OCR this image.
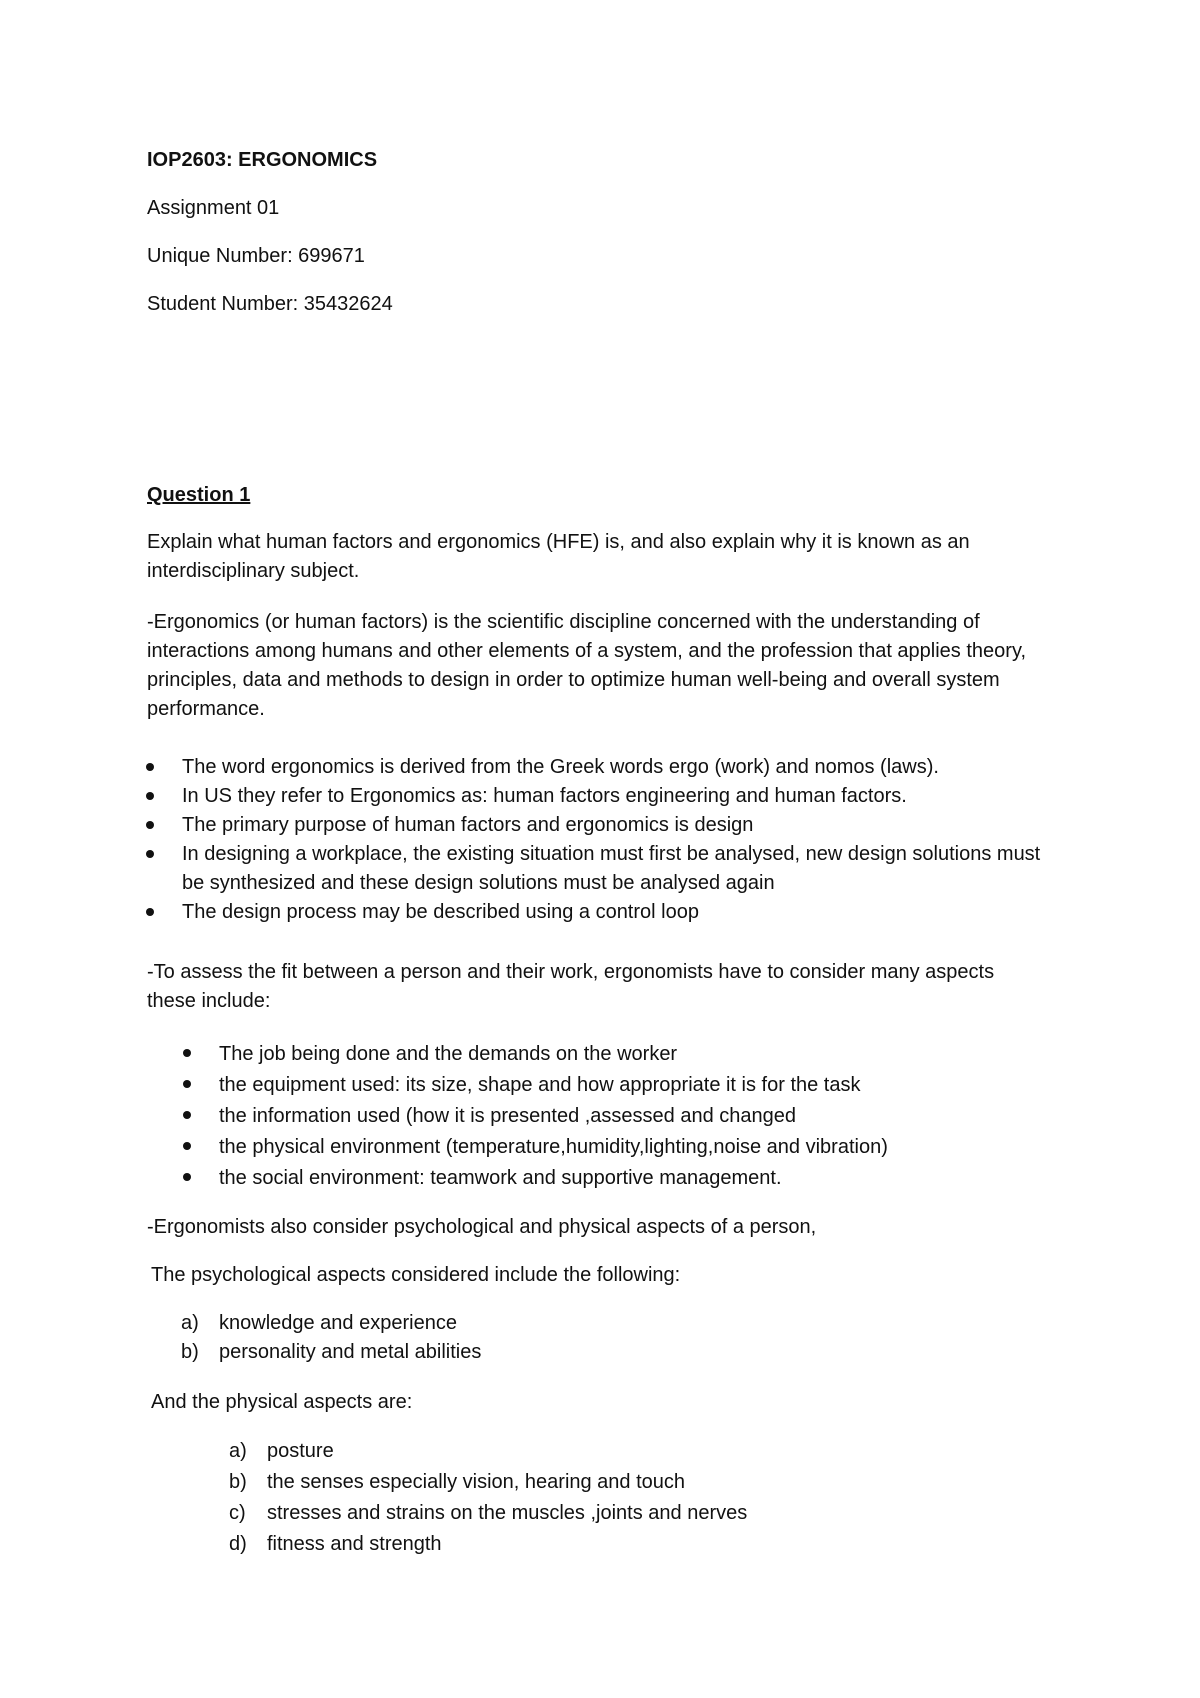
IOP2603: ERGONOMICS
Assignment 01
Unique Number: 699671
Student Number: 35432624
Question 1
Explain what human factors and ergonomics (HFE) is, and also explain why it is known as an interdisciplinary subject.
-Ergonomics (or human factors) is the scientific discipline concerned with the understanding of interactions among humans and other elements of a system, and the profession that applies theory, principles, data and methods to design in order to optimize human well-being and overall system performance.
The word ergonomics is derived from the Greek words ergo (work) and nomos (laws).
In US they refer to Ergonomics as: human factors engineering and human factors.
The primary purpose of human factors and ergonomics is design
In designing a workplace, the existing situation must first be analysed, new design solutions must be synthesized and these design solutions must be analysed again
The design process may be described using a control loop
-To assess the fit between a person and their work, ergonomists have to consider many aspects these include:
The job being done and the demands on the worker
the equipment used: its size, shape and how appropriate it is for the task
the information used (how it is presented ,assessed and changed
the physical environment (temperature,humidity,lighting,noise and vibration)
the social environment: teamwork and supportive management.
-Ergonomists also consider psychological and physical aspects of a person,
The psychological aspects considered include the following:
a) knowledge and experience
b) personality and metal abilities
And the physical aspects are:
a) posture
b) the senses especially vision, hearing and touch
c) stresses and strains on the muscles ,joints and nerves
d) fitness and strength
